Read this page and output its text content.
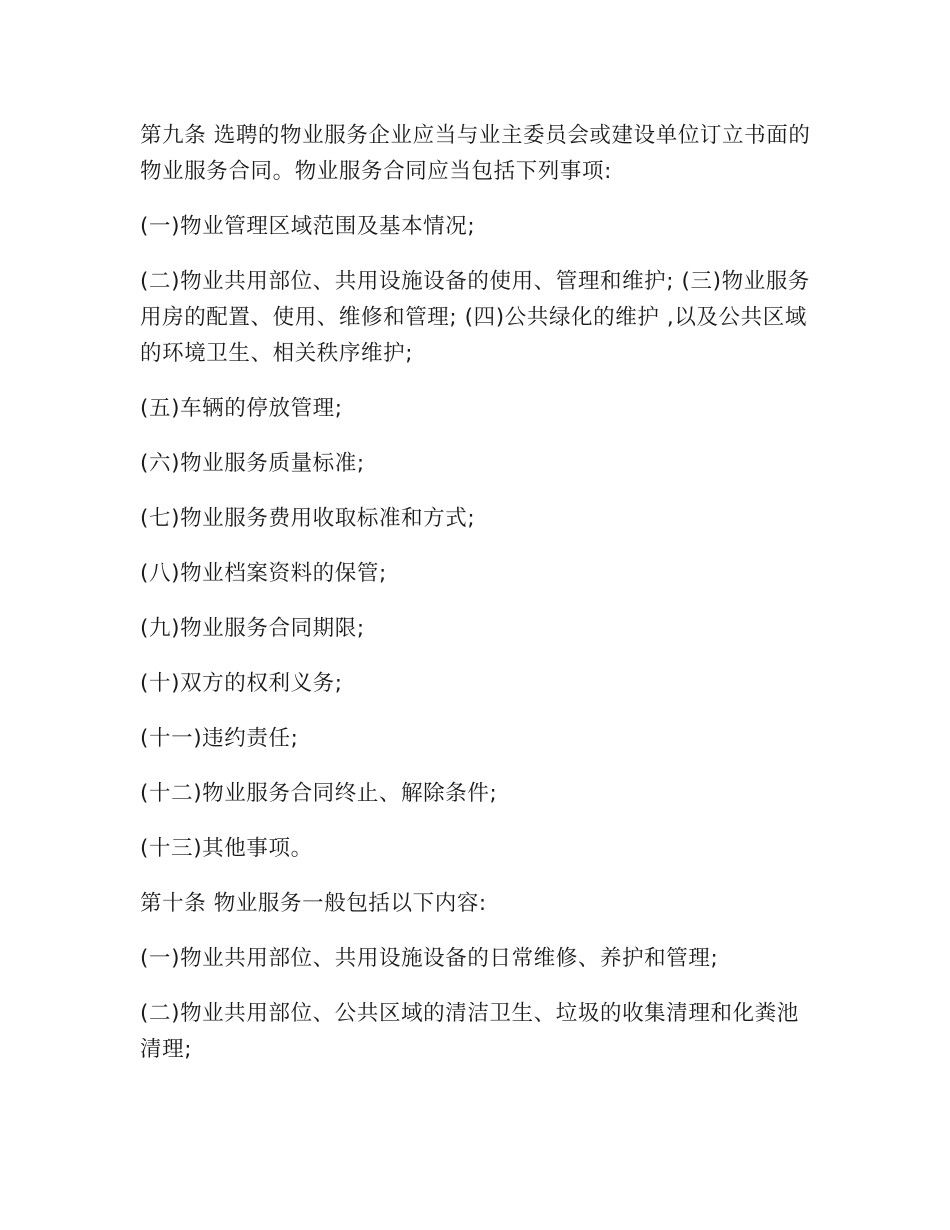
第九条 选聘的物业服务企业应当与业主委员会或建设单位订立书面的物业服务合同。物业服务合同应当包括下列事项:

(一)物业管理区域范围及基本情况;

(二)物业共用部位、共用设施设备的使用、管理和维护; (三)物业服务用房的配置、使用、维修和管理; (四)公共绿化的维护 ,以及公共区域的环境卫生、相关秩序维护;

(五)车辆的停放管理;

(六)物业服务质量标准;

(七)物业服务费用收取标准和方式;

(八)物业档案资料的保管;

(九)物业服务合同期限;

(十)双方的权利义务;

(十一)违约责任;

(十二)物业服务合同终止、解除条件;

(十三)其他事项。

第十条 物业服务一般包括以下内容:

(一)物业共用部位、共用设施设备的日常维修、养护和管理;

(二)物业共用部位、公共区域的清洁卫生、垃圾的收集清理和化粪池清理;
